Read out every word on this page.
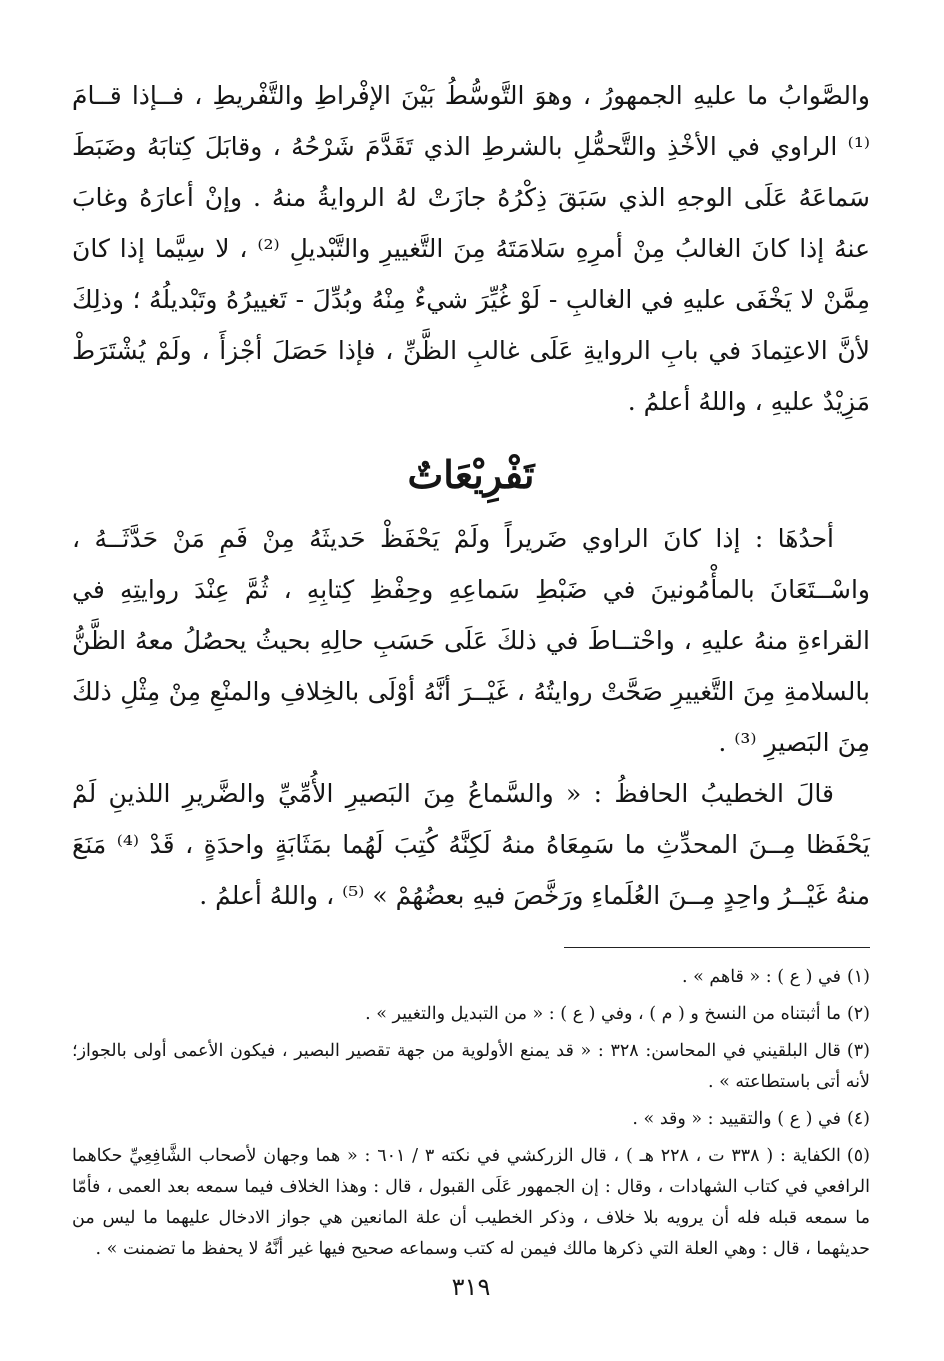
والصَّوابُ ما عليهِ الجمهورُ ، وهوَ التَّوسُّطُ بَيْنَ الإفْراطِ والتَّفْريطِ ، فــإذا قــامَ ⁽¹⁾ الراوي في الأخْذِ والتَّحمُّلِ بالشرطِ الذي تَقَدَّمَ شَرْحُهُ ، وقابَلَ كِتابَهُ وضَبَطَ سَماعَهُ عَلَى الوجهِ الذي سَبَقَ ذِكْرُهُ جازَتْ لهُ الروايةُ منهُ . وإنْ أعارَهُ وغابَ عنهُ إذا كانَ الغالبُ مِنْ أمرِهِ سَلامَتَهُ مِنَ التَّغييرِ والتَّبْديلِ ⁽²⁾ ، لا سِيَّما إذا كانَ مِمَّنْ لا يَخْفَى عليهِ في الغالبِ - لَوْ غُيِّرَ شيءٌ مِنْهُ وبُدِّلَ - تَغييرُهُ وتَبْديلُهُ ؛ وذلِكَ لأنَّ الاعتِمادَ في بابِ الروايةِ عَلَى غالبِ الظَّنِّ ، فإذا حَصَلَ أجْزأَ ، ولَمْ يُشْتَرَطْ مَزِيْدٌ عليهِ ، واللهُ أعلمُ .

تَفْرِيْعَاتٌ

أحدُهَا : إذا كانَ الراوي ضَريراً ولَمْ يَحْفَظْ حَديثَهُ مِنْ فَمِ مَنْ حَدَّثَــهُ ، واسْــتَعَانَ بالمأْمُونينَ في ضَبْطِ سَماعِهِ وحِفْظِ كِتابِهِ ، ثُمَّ عِنْدَ روايتِهِ في القراءةِ منهُ عليهِ ، واحْتــاطَ في ذلكَ عَلَى حَسَبِ حالِهِ بحيثُ يحصُلُ معهُ الظَّنُّ بالسلامةِ مِنَ التَّغييرِ صَحَّتْ روايتُهُ ، غَيْــرَ أنَّهُ أوْلَى بالخِلافِ والمنْعِ مِنْ مِثْلِ ذلكَ مِنَ البَصيرِ ⁽³⁾ .

قالَ الخطيبُ الحافظُ : « والسَّماعُ مِنَ البَصيرِ الأُمِّيِّ والضَّريرِ اللذينِ لَمْ يَحْفَظا مِــنَ المحدِّثِ ما سَمِعَاهُ منهُ لَكِنَّهُ كُتِبَ لَهُما بمَثَابَةٍ واحدَةٍ ، قَدْ ⁽⁴⁾ مَنَعَ منهُ غَيْــرُ واحِدٍ مِــنَ العُلَماءِ ورَخَّصَ فيهِ بعضُهُمْ » ⁽⁵⁾ ، واللهُ أعلمُ .

(١)في ( ع ) : « قاهم » .
(٢)ما أثبتناه من النسخ و ( م ) ، وفي ( ع ) : « من التبديل والتغيير » .
(٣)قال البلقيني في المحاسن: ٣٢٨ : « قد يمنع الأولوية من جهة تقصير البصير ، فيكون الأعمى أولى بالجواز؛ لأنه أتى باستطاعته » .
(٤)في ( ع ) والتقييد : « وقد » .
(٥)الكفاية : ( ٣٣٨ ت ، ٢٢٨ هـ ) ، قال الزركشي في نكته ٣ / ٦٠١ : « هما وجهان لأصحاب الشَّافِعِيِّ حكاهما الرافعي في كتاب الشهادات ، وقال : إن الجمهور عَلَى القبول ، قال : وهذا الخلاف فيما سمعه بعد العمى ، فأمّا ما سمعه قبله فله أن يرويه بلا خلاف ، وذكر الخطيب أن علة المانعين هي جواز الادخال عليهما ما ليس من حديثهما ، قال : وهي العلة التي ذكرها مالك فيمن له كتب وسماعه صحيح فيها غير أنَّهُ لا يحفظ ما تضمنت » .
٣١٩
